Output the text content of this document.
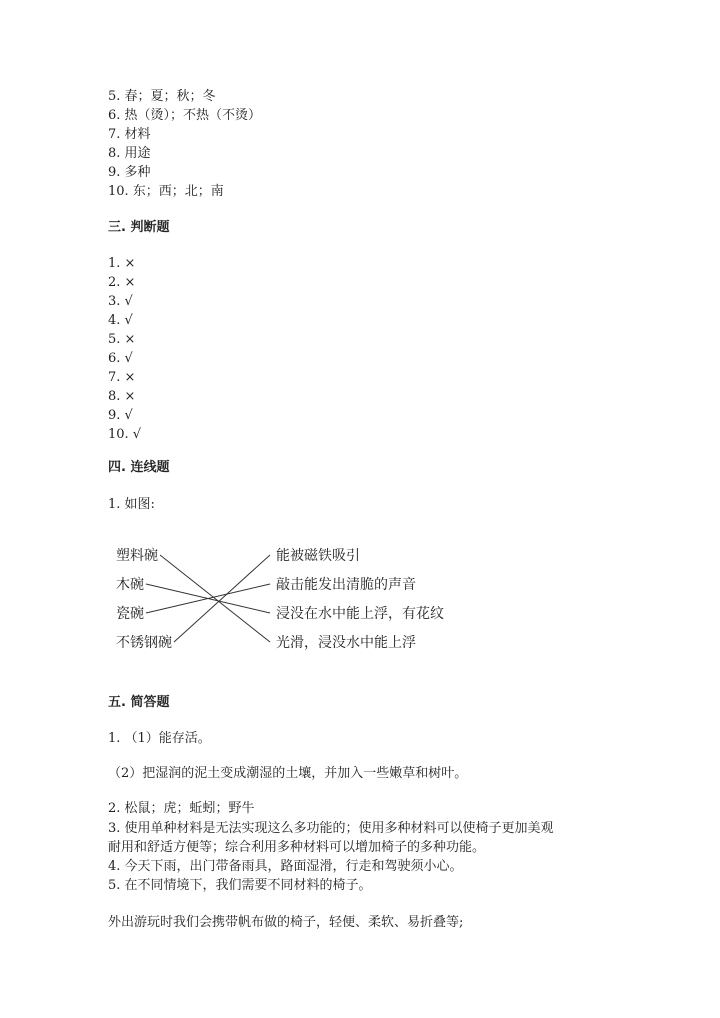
5. 春；夏；秋；冬
6. 热（烫）；不热（不烫）
7. 材料
8. 用途
9. 多种
10. 东；西；北；南
三. 判断题
1. ×
2. ×
3. √
4. √
5. ×
6. √
7. ×
8. ×
9. √
10. √
四. 连线题
1. 如图:
塑料碗
木碗
瓷碗
不锈钢碗
能被磁铁吸引
敲击能发出清脆的声音
浸没在水中能上浮，有花纹
光滑，浸没水中能上浮
五. 简答题
1. （1）能存活。
（2）把湿润的泥土变成潮湿的土壤，并加入一些嫩草和树叶。
2. 松鼠；虎；蚯蚓；野牛
3. 使用单种材料是无法实现这么多功能的；使用多种材料可以使椅子更加美观
耐用和舒适方便等；综合利用多种材料可以增加椅子的多种功能。
4. 今天下雨，出门带备雨具，路面湿滑，行走和驾驶须小心。
5. 在不同情境下，我们需要不同材料的椅子。
外出游玩时我们会携带帆布做的椅子，轻便、柔软、易折叠等;
